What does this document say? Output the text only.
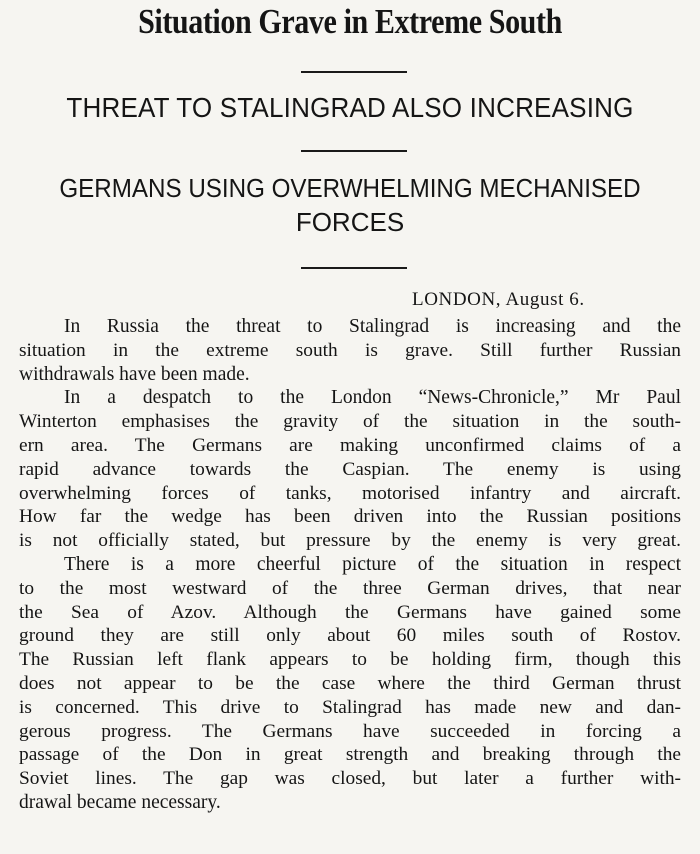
Situation Grave in Extreme South
THREAT TO STALINGRAD ALSO INCREASING
GERMANS USING OVERWHELMING MECHANISED
FORCES
LONDON, August 6.
In Russia the threat to Stalingrad is increasing and the
situation in the extreme south is grave. Still further Russian
withdrawals have been made.
In a despatch to the London “News-Chronicle,” Mr Paul
Winterton emphasises the gravity of the situation in the south-
ern area. The Germans are making unconfirmed claims of a
rapid advance towards the Caspian. The enemy is using
overwhelming forces of tanks, motorised infantry and aircraft.
How far the wedge has been driven into the Russian positions
is not officially stated, but pressure by the enemy is very great.
There is a more cheerful picture of the situation in respect
to the most westward of the three German drives, that near
the Sea of Azov. Although the Germans have gained some
ground they are still only about 60 miles south of Rostov.
The Russian left flank appears to be holding firm, though this
does not appear to be the case where the third German thrust
is concerned. This drive to Stalingrad has made new and dan-
gerous progress. The Germans have succeeded in forcing a
passage of the Don in great strength and breaking through the
Soviet lines. The gap was closed, but later a further with-
drawal became necessary.
